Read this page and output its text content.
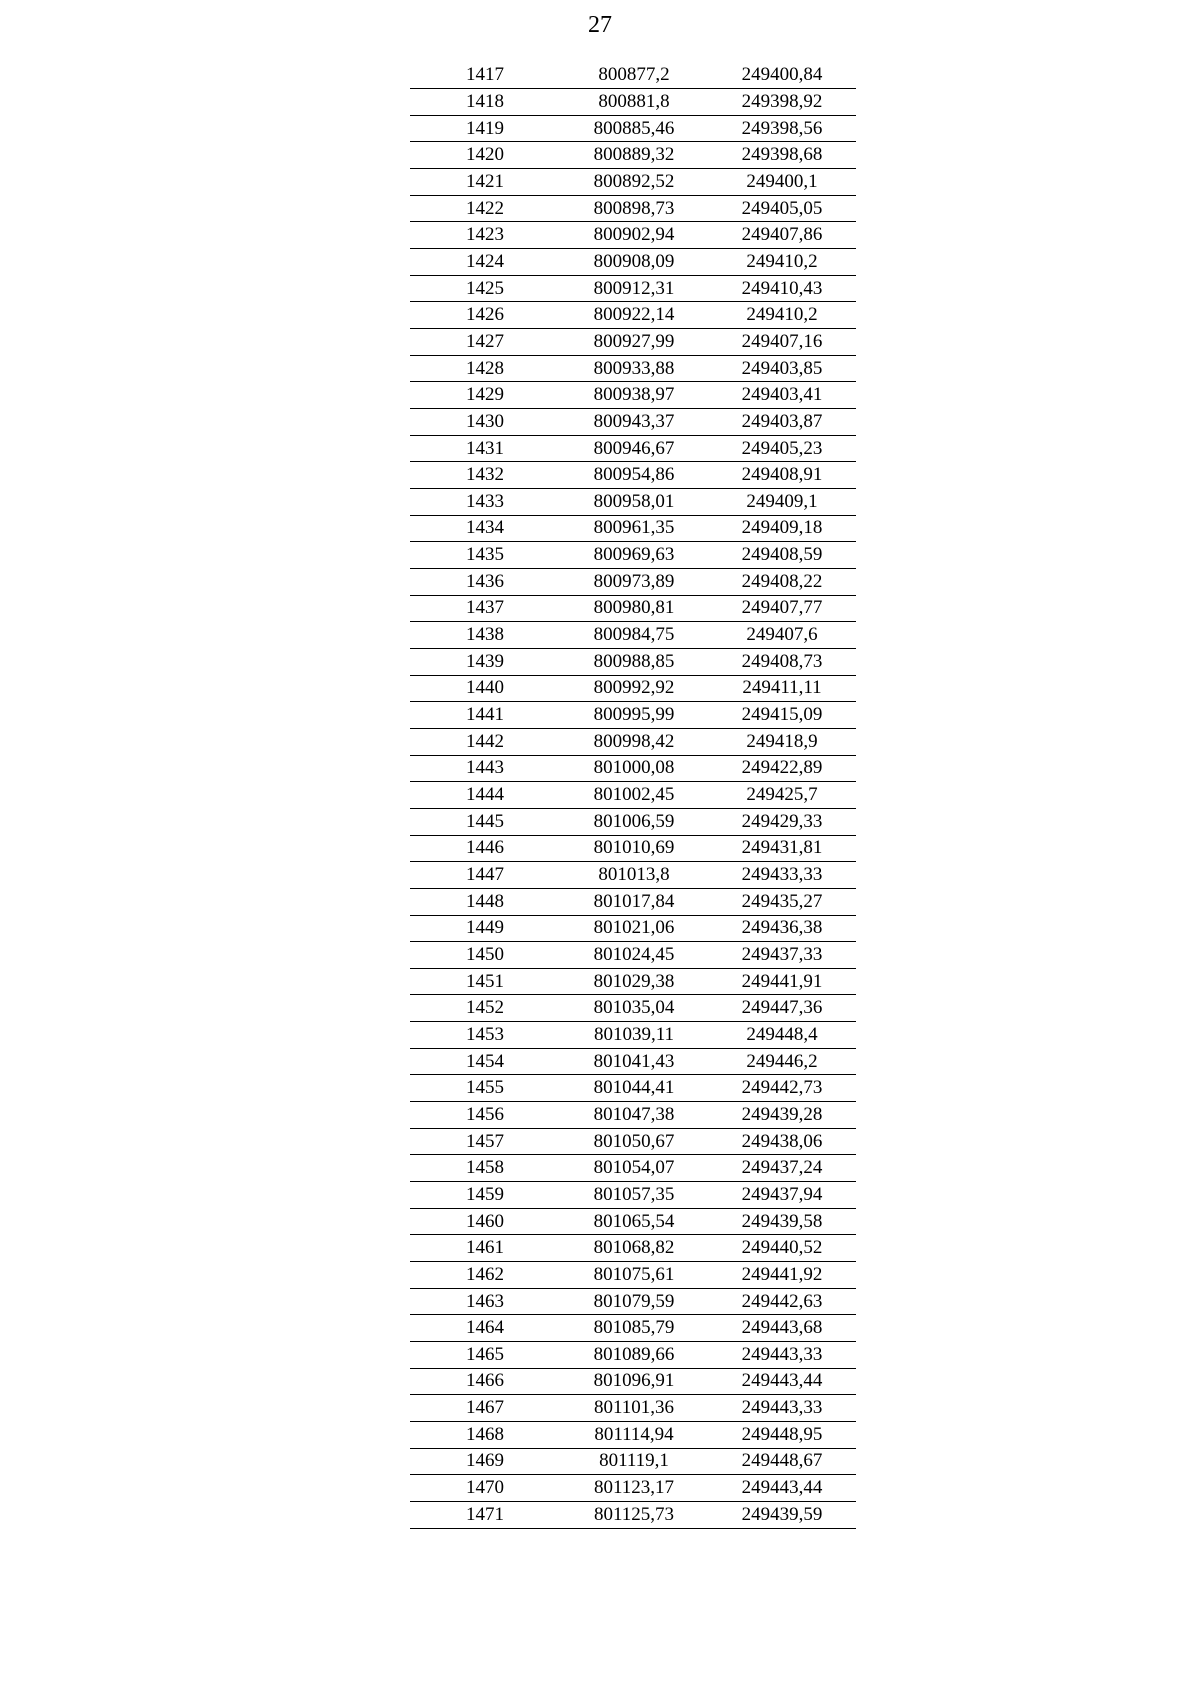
27
1417	800877,2	249400,84
1418	800881,8	249398,92
1419	800885,46	249398,56
1420	800889,32	249398,68
1421	800892,52	249400,1
1422	800898,73	249405,05
1423	800902,94	249407,86
1424	800908,09	249410,2
1425	800912,31	249410,43
1426	800922,14	249410,2
1427	800927,99	249407,16
1428	800933,88	249403,85
1429	800938,97	249403,41
1430	800943,37	249403,87
1431	800946,67	249405,23
1432	800954,86	249408,91
1433	800958,01	249409,1
1434	800961,35	249409,18
1435	800969,63	249408,59
1436	800973,89	249408,22
1437	800980,81	249407,77
1438	800984,75	249407,6
1439	800988,85	249408,73
1440	800992,92	249411,11
1441	800995,99	249415,09
1442	800998,42	249418,9
1443	801000,08	249422,89
1444	801002,45	249425,7
1445	801006,59	249429,33
1446	801010,69	249431,81
1447	801013,8	249433,33
1448	801017,84	249435,27
1449	801021,06	249436,38
1450	801024,45	249437,33
1451	801029,38	249441,91
1452	801035,04	249447,36
1453	801039,11	249448,4
1454	801041,43	249446,2
1455	801044,41	249442,73
1456	801047,38	249439,28
1457	801050,67	249438,06
1458	801054,07	249437,24
1459	801057,35	249437,94
1460	801065,54	249439,58
1461	801068,82	249440,52
1462	801075,61	249441,92
1463	801079,59	249442,63
1464	801085,79	249443,68
1465	801089,66	249443,33
1466	801096,91	249443,44
1467	801101,36	249443,33
1468	801114,94	249448,95
1469	801119,1	249448,67
1470	801123,17	249443,44
1471	801125,73	249439,59
